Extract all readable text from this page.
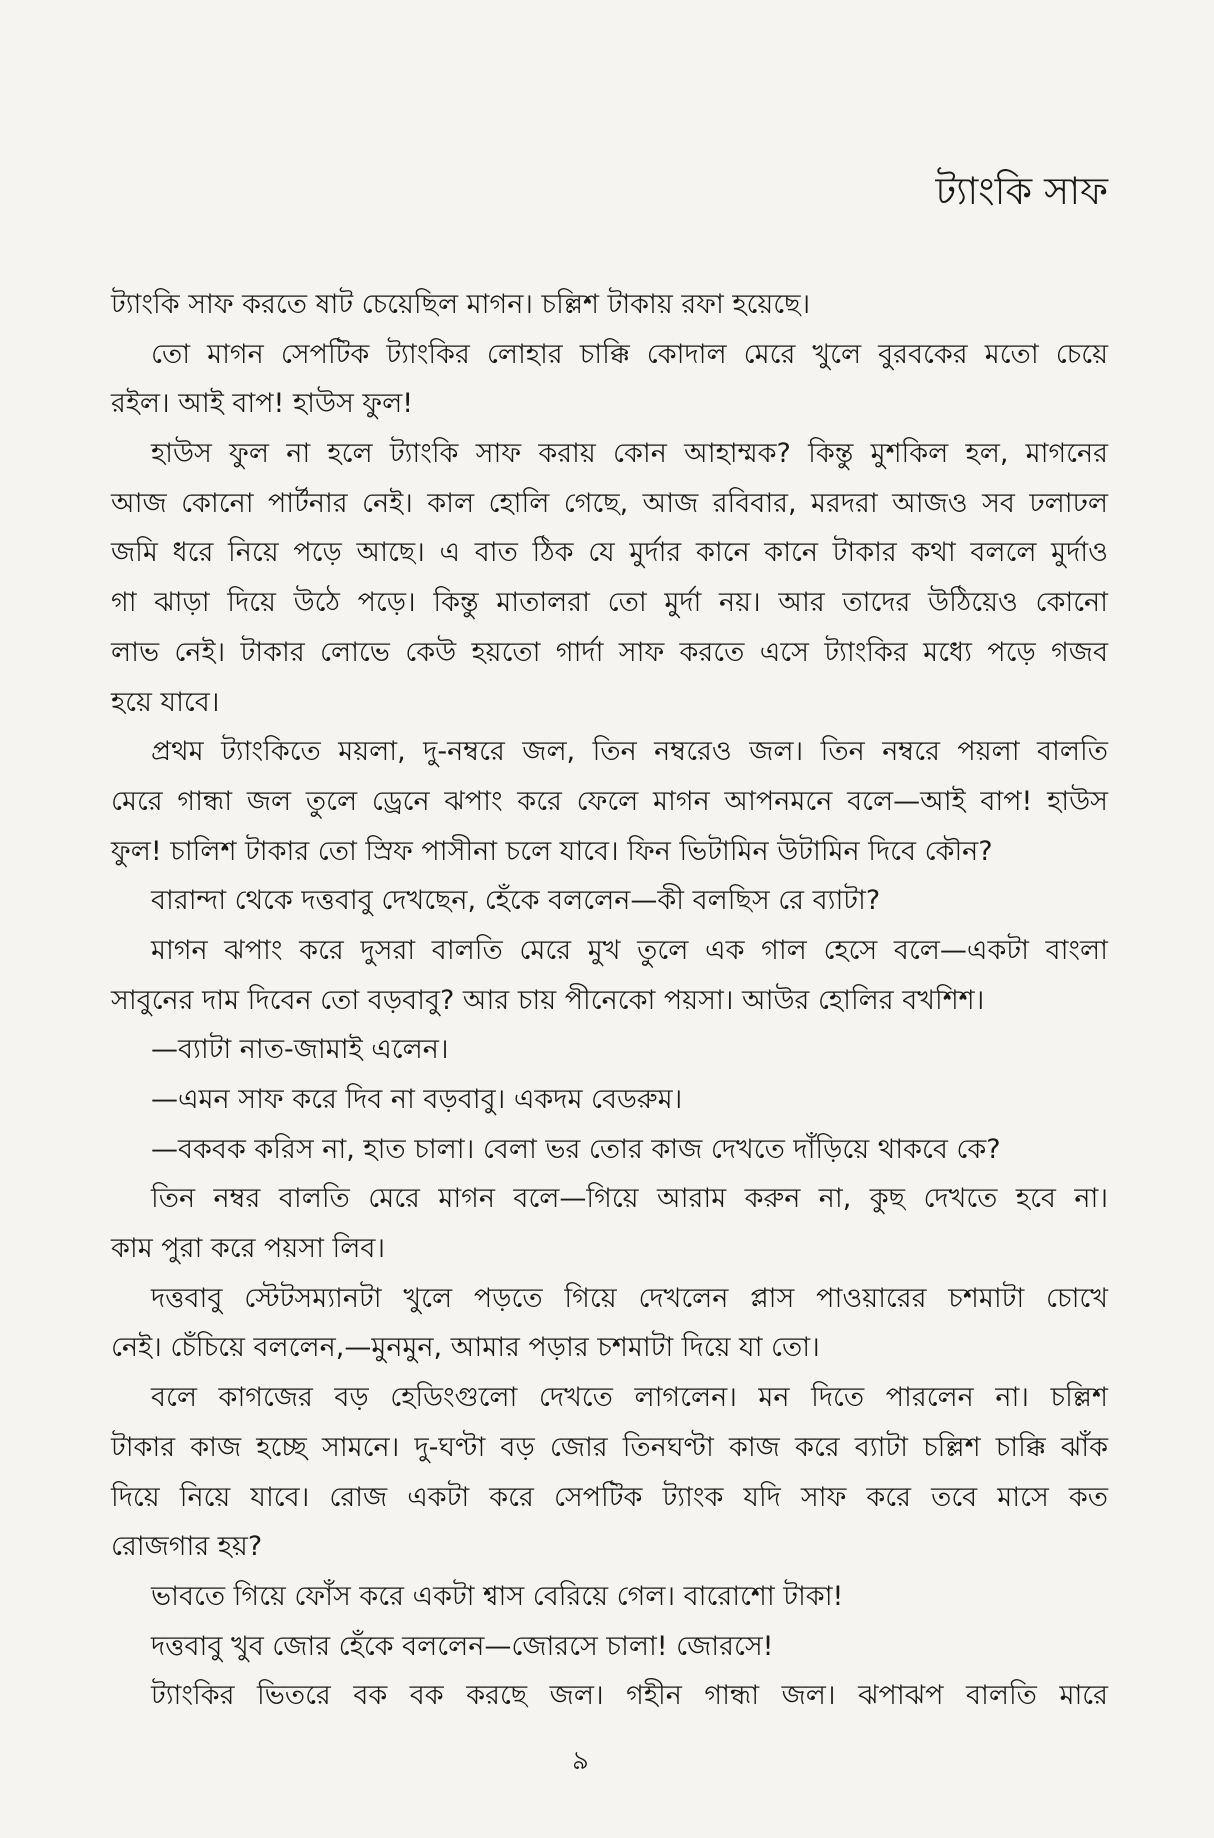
ট্যাংকি সাফ
ট্যাংকি সাফ করতে ষাট চেয়েছিল মাগন। চল্লিশ টাকায় রফা হয়েছে।
তো মাগন সেপটিক ট্যাংকির লোহার চাক্কি কোদাল মেরে খুলে বুরবকের মতো চেয়ে
রইল। আই বাপ! হাউস ফুল!
হাউস ফুল না হলে ট্যাংকি সাফ করায় কোন আহাম্মক? কিন্তু মুশকিল হল, মাগনের
আজ কোনো পার্টনার নেই। কাল হোলি গেছে, আজ রবিবার, মরদরা আজও সব ঢলাঢল
জমি ধরে নিয়ে পড়ে আছে। এ বাত ঠিক যে মুর্দার কানে কানে টাকার কথা বললে মুর্দাও
গা ঝাড়া দিয়ে উঠে পড়ে। কিন্তু মাতালরা তো মুর্দা নয়। আর তাদের উঠিয়েও কোনো
লাভ নেই। টাকার লোভে কেউ হয়তো গার্দা সাফ করতে এসে ট্যাংকির মধ্যে পড়ে গজব
হয়ে যাবে।
প্রথম ট্যাংকিতে ময়লা, দু-নম্বরে জল, তিন নম্বরেও জল। তিন নম্বরে পয়লা বালতি
মেরে গান্ধা জল তুলে ড্রেনে ঝপাং করে ফেলে মাগন আপনমনে বলে—আই বাপ! হাউস
ফুল! চালিশ টাকার তো স্রিফ পাসীনা চলে যাবে। ফিন ভিটামিন উটামিন দিবে কৌন?
বারান্দা থেকে দত্তবাবু দেখছেন, হেঁকে বললেন—কী বলছিস রে ব্যাটা?
মাগন ঝপাং করে দুসরা বালতি মেরে মুখ তুলে এক গাল হেসে বলে—একটা বাংলা
সাবুনের দাম দিবেন তো বড়বাবু? আর চায় পীনেকো পয়সা। আউর হোলির বখশিশ।
—ব্যাটা নাত-জামাই এলেন।
—এমন সাফ করে দিব না বড়বাবু। একদম বেডরুম।
—বকবক করিস না, হাত চালা। বেলা ভর তোর কাজ দেখতে দাঁড়িয়ে থাকবে কে?
তিন নম্বর বালতি মেরে মাগন বলে—গিয়ে আরাম করুন না, কুছ দেখতে হবে না।
কাম পুরা করে পয়সা লিব।
দত্তবাবু স্টেটসম্যানটা খুলে পড়তে গিয়ে দেখলেন প্লাস পাওয়ারের চশমাটা চোখে
নেই। চেঁচিয়ে বললেন,—মুনমুন, আমার পড়ার চশমাটা দিয়ে যা তো।
বলে কাগজের বড় হেডিংগুলো দেখতে লাগলেন। মন দিতে পারলেন না। চল্লিশ
টাকার কাজ হচ্ছে সামনে। দু-ঘণ্টা বড় জোর তিনঘণ্টা কাজ করে ব্যাটা চল্লিশ চাক্কি ঝাঁক
দিয়ে নিয়ে যাবে। রোজ একটা করে সেপটিক ট্যাংক যদি সাফ করে তবে মাসে কত
রোজগার হয়?
ভাবতে গিয়ে ফোঁস করে একটা শ্বাস বেরিয়ে গেল। বারোশো টাকা!
দত্তবাবু খুব জোর হেঁকে বললেন—জোরসে চালা! জোরসে!
ট্যাংকির ভিতরে বক বক করছে জল। গহীন গান্ধা জল। ঝপাঝপ বালতি মারে
৯
